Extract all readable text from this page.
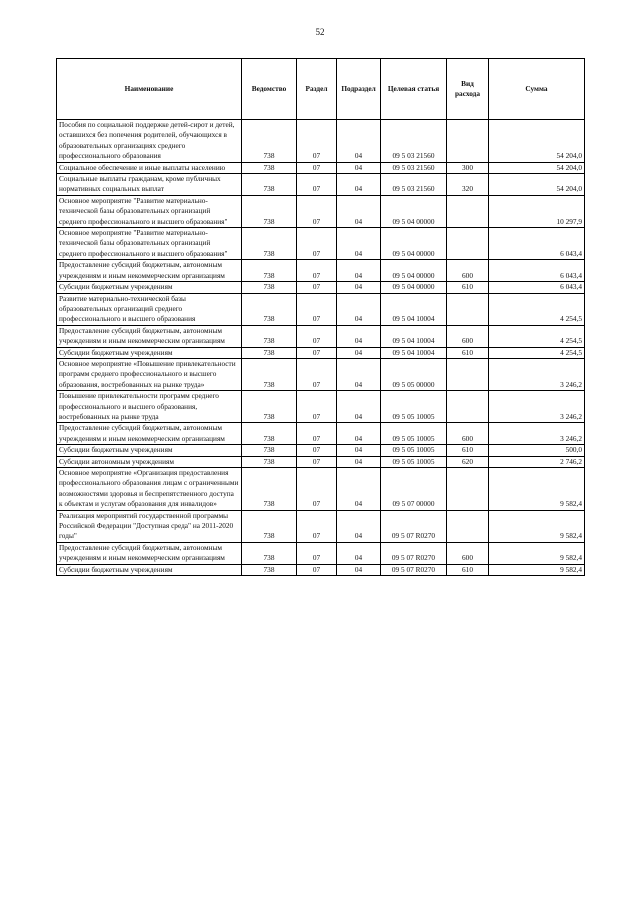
52
Наименование	Ведомство	Раздел	Подраздел	Целевая статья	Вид расхода	Сумма
Пособия по социальной поддержке детей-сирот и детей, оставшихся без попечения родителей, обучающихся в образовательных организациях среднего профессионального образования	738	07	04	09 5 03 21560		54 204,0
Социальное обеспечение и иные выплаты населению	738	07	04	09 5 03 21560	300	54 204,0
Социальные выплаты гражданам, кроме публичных нормативных социальных выплат	738	07	04	09 5 03 21560	320	54 204,0
Основное мероприятие "Развитие материально-технической базы образовательных организаций среднего профессионального и высшего образования"	738	07	04	09 5 04 00000		10 297,9
Основное мероприятие "Развитие материально-технической базы образовательных организаций среднего профессионального и высшего образования"	738	07	04	09 5 04 00000		6 043,4
Предоставление субсидий бюджетным, автономным учреждениям и иным некоммерческим организациям	738	07	04	09 5 04 00000	600	6 043,4
Субсидии бюджетным учреждениям	738	07	04	09 5 04 00000	610	6 043,4
Развитие материально-технической базы образовательных организаций среднего профессионального и высшего образования	738	07	04	09 5 04 10004		4 254,5
Предоставление субсидий бюджетным, автономным учреждениям и иным некоммерческим организациям	738	07	04	09 5 04 10004	600	4 254,5
Субсидии бюджетным учреждениям	738	07	04	09 5 04 10004	610	4 254,5
Основное мероприятие «Повышение привлекательности программ среднего профессионального и высшего образования, востребованных на рынке труда»	738	07	04	09 5 05 00000		3 246,2
Повышение привлекательности программ среднего профессионального и высшего образования, востребованных на рынке труда	738	07	04	09 5 05 10005		3 246,2
Предоставление субсидий бюджетным, автономным учреждениям и иным некоммерческим организациям	738	07	04	09 5 05 10005	600	3 246,2
Субсидии бюджетным учреждениям	738	07	04	09 5 05 10005	610	500,0
Субсидии автономным учреждениям	738	07	04	09 5 05 10005	620	2 746,2
Основное мероприятие «Организация предоставления профессионального образования лицам с ограниченными возможностями здоровья и беспрепятственного доступа к объектам и услугам образования для инвалидов»	738	07	04	09 5 07 00000		9 582,4
Реализация мероприятий государственной программы Российской Федерации "Доступная среда" на 2011-2020 годы"	738	07	04	09 5 07 R0270		9 582,4
Предоставление субсидий бюджетным, автономным учреждениям и иным некоммерческим организациям	738	07	04	09 5 07 R0270	600	9 582,4
Субсидии бюджетным учреждениям	738	07	04	09 5 07 R0270	610	9 582,4
